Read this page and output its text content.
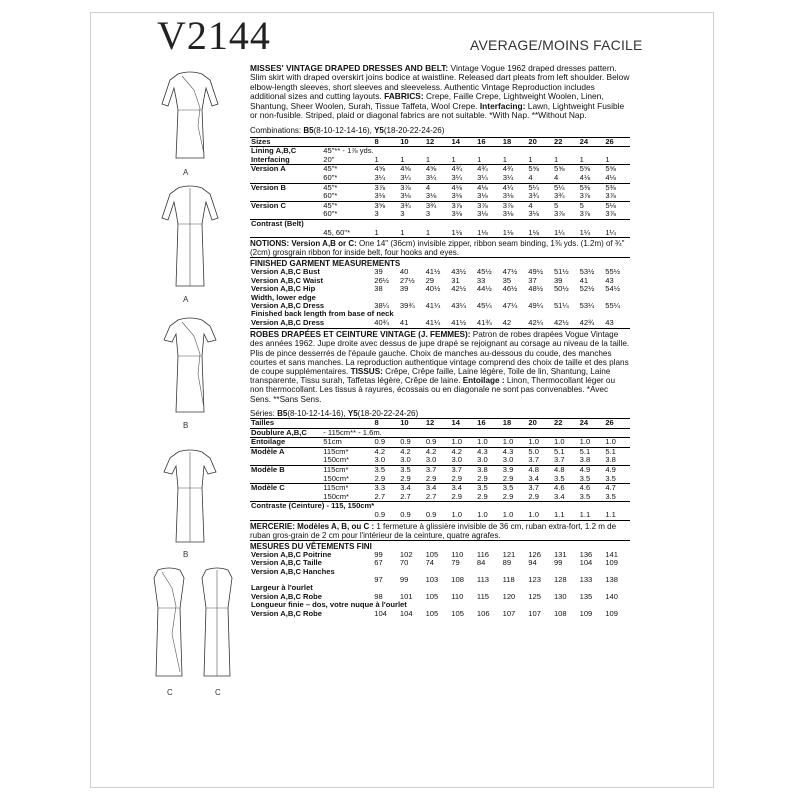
V2144	AVERAGE/MOINS FACILE
A
A
B
B
C	C

MISSES' VINTAGE DRAPED DRESSES AND BELT: Vintage Vogue 1962 draped dresses pattern. Slim skirt with draped overskirt joins bodice at waistline. Released dart pleats from left shoulder. Below elbow-length sleeves, short sleeves and sleeveless. Authentic Vintage Reproduction includes additional sizes and cutting layouts. FABRICS: Crepe, Faille Crepe, Lightweight Woolen, Linen, Shantung, Sheer Woolen, Surah, Tissue Taffeta, Wool Crepe. Interfacing: Lawn, Lightweight Fusible or non-fusible. Striped, plaid or diagonal fabrics are not suitable. *With Nap. **Without Nap.

Combinations: B5(8-10-12-14-16), Y5(18-20-22-24-26)
Sizes		8	10	12	14	16	18	20	22	24	26
Lining A,B,C	45"** - 1⅞ yds.										
Interfacing	20"	1	1	1	1	1	1	1	1	1	1
Version A	45"*	4⅝	4⅝	4⅝	4¾	4¾	4¾	5⅝	5⅝	5⅝	5⅝
	60"*	3¼	3¼	3¼	3¼	3¼	3¼	4	4	4⅛	4⅛
Version B	45"*	3⅞	3⅞	4	4⅛	4⅛	4¼	5¼	5¼	5⅜	5⅜
	60"*	3⅛	3⅛	3⅛	3⅛	3⅛	3⅛	3¾	3¾	3⅞	3⅞
Version C	45"*	3⅝	3¾	3¾	3⅞	3⅞	3⅞	4	5	5	5⅛
	60"*	3	3	3	3⅛	3⅛	3⅛	3⅛	3⅞	3⅞	3⅞
Contrast (Belt)											
	45, 60"*	1	1	1	1⅛	1⅛	1⅛	1⅛	1¼	1¼	1¼

NOTIONS: Version A,B or C: One 14" (36cm) invisible zipper, ribbon seam binding, 1⅜ yds. (1.2m) of ¾" (2cm) grosgrain ribbon for inside belt, four hooks and eyes.

FINISHED GARMENT MEASUREMENTS
Version A,B,C Bust	39	40	41½	43½	45½	47½	49½	51½	53½	55½
Version A,B,C Waist	26½	27½	29	31	33	35	37	39	41	43
Version A,B,C Hip	38	39	40½	42½	44½	46½	48½	50½	52½	54½
Width, lower edge										
Version A,B,C Dress	38¼	39¾	41¼	43¼	45¼	47¼	49¼	51¼	53¼	55¼
Finished back length from base of neck										
Version A,B,C Dress	40¾	41	41¼	41½	41¾	42	42¼	42½	42¾	43

ROBES DRAPÉES ET CEINTURE VINTAGE (J. FEMMES): Patron de robes drapées Vogue Vintage des années 1962. Jupe droite avec dessus de jupe drapé se rejoignant au corsage au niveau de la taille. Plis de pince desserrés de l'épaule gauche. Choix de manches au-dessous du coude, des manches courtes et sans manches. La reproduction authentique vintage comprend des choix de taille et des plans de coupe supplémentaires. TISSUS: Crêpe, Crêpe faille, Laine légère, Toile de lin, Shantung, Laine transparente, Tissu surah, Taffetas légère, Crêpe de laine. Entoilage : Linon, Thermocollant léger ou non thermocollant. Les tissus à rayures, écossais ou en diagonale ne sont pas convenables. *Avec Sens. **Sans Sens.

Séries: B5(8-10-12-14-16), Y5(18-20-22-24-26)
Tailles		8	10	12	14	16	18	20	22	24	26
Doublure A,B,C	- 115cm** - 1.6m.										
Entoilage	51cm	0.9	0.9	0.9	1.0	1.0	1.0	1.0	1.0	1.0	1.0
Modèle A	115cm*	4.2	4.2	4.2	4.2	4.3	4.3	5.0	5.1	5.1	5.1
	150cm*	3.0	3.0	3.0	3.0	3.0	3.0	3.7	3.7	3.8	3.8
Modèle B	115cm*	3.5	3.5	3.7	3.7	3.8	3.9	4.8	4.8	4.9	4.9
	150cm*	2.9	2.9	2.9	2.9	2.9	2.9	3.4	3.5	3.5	3.5
Modèle C	115cm*	3.3	3.4	3.4	3.4	3.5	3.5	3.7	4.6	4.6	4.7
	150cm*	2.7	2.7	2.7	2.9	2.9	2.9	2.9	3.4	3.5	3.5
Contraste (Ceinture) - 115, 150cm*											
		0.9	0.9	0.9	1.0	1.0	1.0	1.0	1.1	1.1	1.1

MERCERIE: Modèles A, B, ou C : 1 fermeture à glissière invisible de 36 cm, ruban extra-fort, 1.2 m de ruban gros-grain de 2 cm pour l'intérieur de la ceinture, quatre agrafes.

MESURES DU VÊTEMENTS FINI
Version A,B,C Poitrine	99	102	105	110	116	121	126	131	136	141
Version A,B,C Taille	67	70	74	79	84	89	94	99	104	109
Version A,B,C Hanches										
	97	99	103	108	113	118	123	128	133	138
Largeur à l'ourlet										
Version A,B,C Robe	98	101	105	110	115	120	125	130	135	140
Longueur finie – dos, votre nuque à l'ourlet										
Version A,B,C Robe	104	104	105	105	106	107	107	108	109	109
